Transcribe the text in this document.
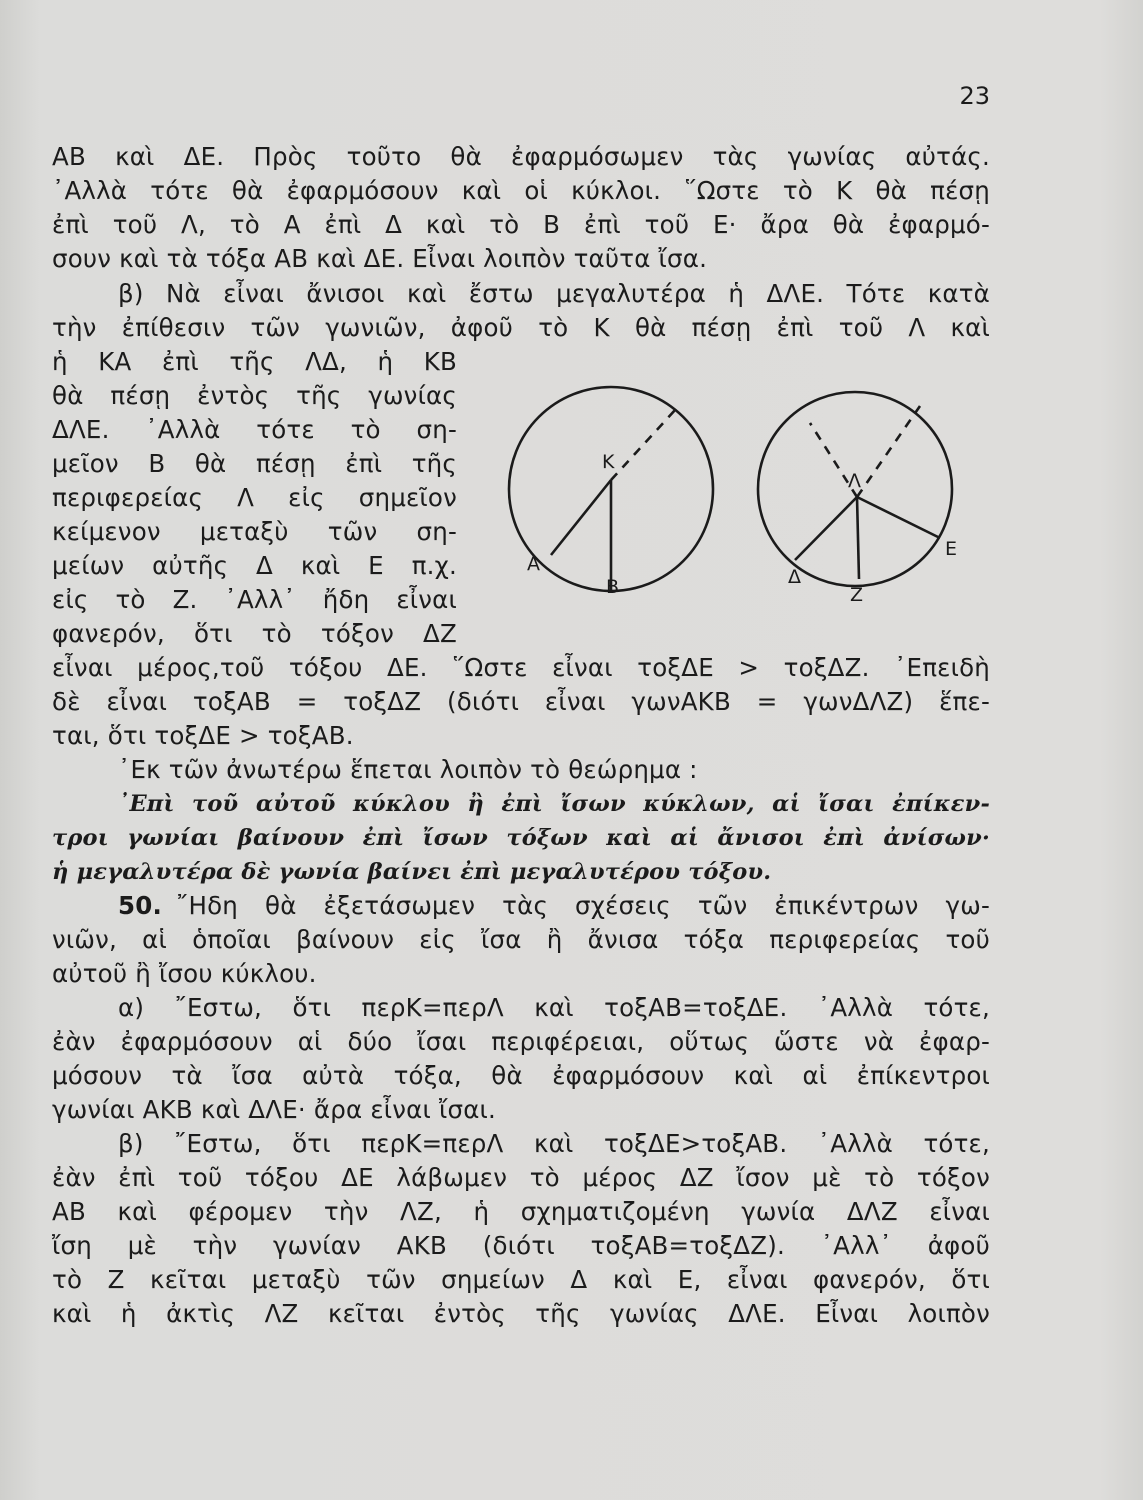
23
ΑΒ καὶ ΔΕ. Πρὸς τοῦτο θὰ ἐφαρμόσωμεν τὰς γωνίας αὐτάς.
᾿Αλλὰ τότε θὰ ἐφαρμόσουν καὶ οἱ κύκλοι. ῞Ωστε τὸ Κ θὰ πέσῃ
ἐπὶ τοῦ Λ, τὸ Α ἐπὶ Δ καὶ τὸ Β ἐπὶ τοῦ Ε· ἄρα θὰ ἐφαρμό-
σουν καὶ τὰ τόξα ΑΒ καὶ ΔΕ. Εἶναι λοιπὸν ταῦτα ἴσα.
β) Νὰ εἶναι ἄνισοι καὶ ἔστω μεγαλυτέρα ἡ ΔΛΕ. Τότε κατὰ
τὴν ἐπίθεσιν τῶν γωνιῶν, ἀφοῦ τὸ Κ θὰ πέσῃ ἐπὶ τοῦ Λ καὶ
ἡ ΚΑ ἐπὶ τῆς ΛΔ, ἡ ΚΒ
θὰ πέσῃ ἐντὸς τῆς γωνίας
ΔΛΕ. ᾿Αλλὰ τότε τὸ ση-
μεῖον Β θὰ πέσῃ ἐπὶ τῆς
περιφερείας Λ εἰς σημεῖον
κείμενον μεταξὺ τῶν ση-
μείων αὐτῆς Δ καὶ Ε π.χ.
εἰς τὸ Ζ. ᾿Αλλ᾿ ἤδη εἶναι
φανερόν, ὅτι τὸ τόξον ΔΖ
εἶναι μέρος,τοῦ τόξου ΔΕ. ῞Ωστε εἶναι τοξΔΕ > τοξΔΖ. ᾿Επειδὴ
δὲ εἶναι τοξΑΒ = τοξΔΖ (διότι εἶναι γωνΑΚΒ = γωνΔΛΖ) ἕπε-
ται, ὅτι τοξΔΕ > τοξΑΒ.
᾿Εκ τῶν ἀνωτέρω ἕπεται λοιπὸν τὸ θεώρημα :
᾿Επὶ τοῦ αὐτοῦ κύκλου ἢ ἐπὶ ἴσων κύκλων, αἱ ἴσαι ἐπίκεν-
τροι γωνίαι βαίνουν ἐπὶ ἴσων τόξων καὶ αἱ ἄνισοι ἐπὶ ἀνίσων·
ἡ μεγαλυτέρα δὲ γωνία βαίνει ἐπὶ μεγαλυτέρου τόξου.
50. ῎Ηδη θὰ ἐξετάσωμεν τὰς σχέσεις τῶν ἐπικέντρων γω-
νιῶν, αἱ ὁποῖαι βαίνουν εἰς ἴσα ἢ ἄνισα τόξα περιφερείας τοῦ
αὐτοῦ ἢ ἴσου κύκλου.
α) ῎Εστω, ὅτι περΚ=περΛ καὶ τοξΑΒ=τοξΔΕ. ᾿Αλλὰ τότε,
ἐὰν ἐφαρμόσουν αἱ δύο ἴσαι περιφέρειαι, οὕτως ὥστε νὰ ἐφαρ-
μόσουν τὰ ἴσα αὐτὰ τόξα, θὰ ἐφαρμόσουν καὶ αἱ ἐπίκεντροι
γωνίαι ΑΚΒ καὶ ΔΛΕ· ἄρα εἶναι ἴσαι.
β) ῎Εστω, ὅτι περΚ=περΛ καὶ τοξΔΕ>τοξΑΒ. ᾿Αλλὰ τότε,
ἐὰν ἐπὶ τοῦ τόξου ΔΕ λάβωμεν τὸ μέρος ΔΖ ἴσον μὲ τὸ τόξον
ΑΒ καὶ φέρομεν τὴν ΛΖ, ἡ σχηματιζομένη γωνία ΔΛΖ εἶναι
ἴση μὲ τὴν γωνίαν ΑΚΒ (διότι τοξΑΒ=τοξΔΖ). ᾿Αλλ᾿ ἀφοῦ
τὸ Ζ κεῖται μεταξὺ τῶν σημείων Δ καὶ Ε, εἶναι φανερόν, ὅτι
καὶ ἡ ἀκτὶς ΛΖ κεῖται ἐντὸς τῆς γωνίας ΔΛΕ. Εἶναι λοιπὸν
Κ
Α
Β
Λ
Δ
Ε
Ζ
